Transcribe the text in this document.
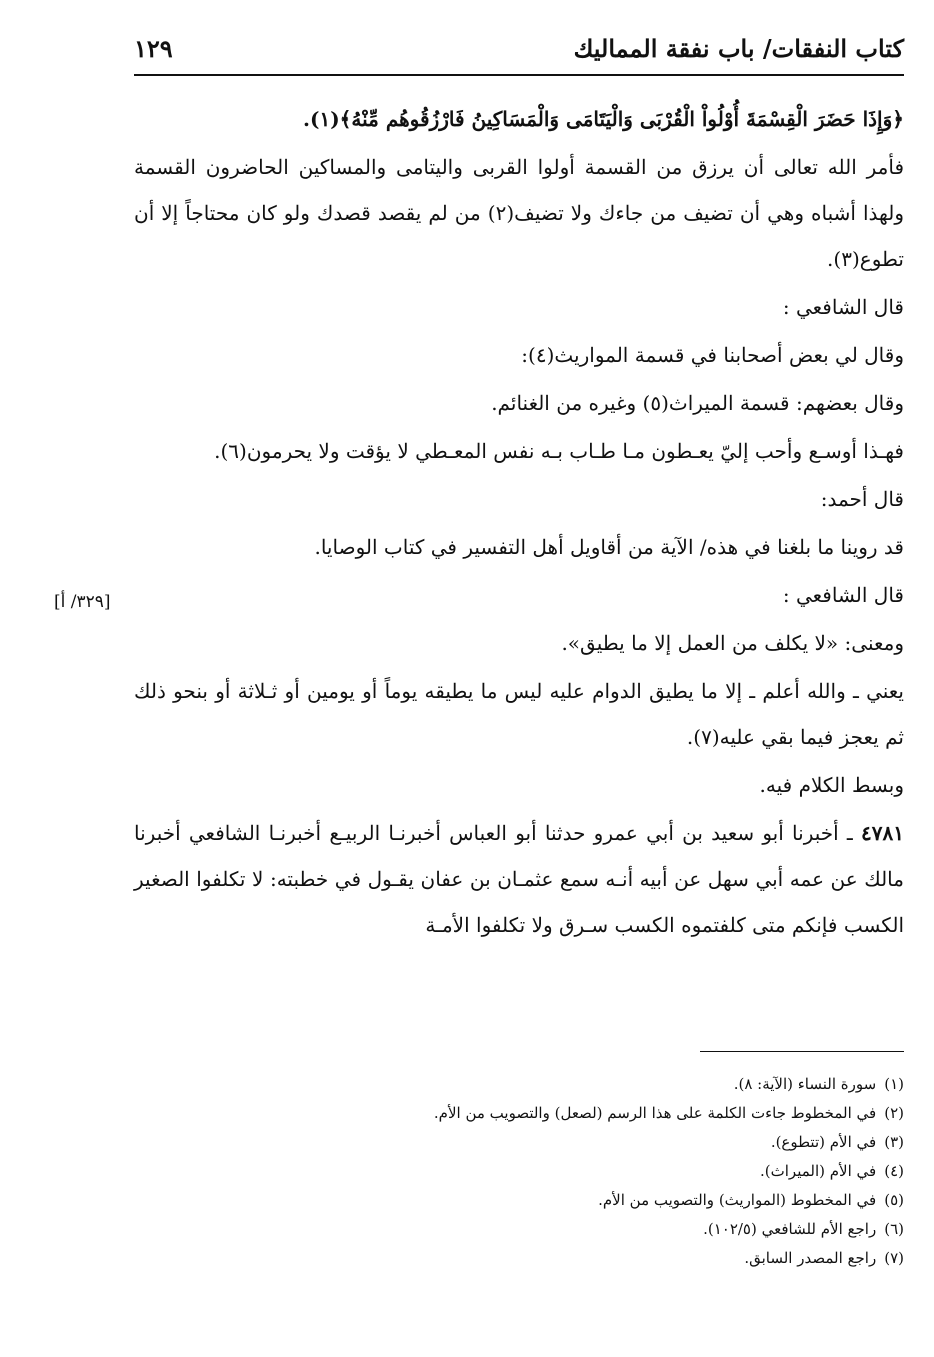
كتاب النفقات/ باب نفقة المماليك
١٢٩
[٣٢٩/ أ]

﴿وَإِذَا حَضَرَ الْقِسْمَةَ أُوْلُواْ الْقُرْبَى وَالْيَتَامَى وَالْمَسَاكِينُ فَارْزُقُوهُم مِّنْهُ﴾(١).

فأمر الله تعالى أن يرزق من القسمة أولوا القربى واليتامى والمساكين الحاضرون القسمة ولهذا أشباه وهي أن تضيف من جاءك ولا تضيف(٢) من لم يقصد قصدك ولو كان محتاجاً إلا أن تطوع(٣).

قال الشافعي :

وقال لي بعض أصحابنا في قسمة المواريث(٤):

وقال بعضهم: قسمة الميراث(٥) وغيره من الغنائم.

فهـذا أوسـع وأحب إليّ يعـطون مـا طـاب بـه نفس المعـطي لا يؤقت ولا يحرمون(٦).

قال أحمد:

قد روينا ما بلغنا في هذه/ الآية من أقاويل أهل التفسير في كتاب الوصايا.

قال الشافعي :

ومعنى: «لا يكلف من العمل إلا ما يطيق».

يعني ـ والله أعلم ـ إلا ما يطيق الدوام عليه ليس ما يطيقه يوماً أو يومين أو ثـلاثة أو بنحو ذلك ثم يعجز فيما بقي عليه(٧).

وبسط الكلام فيه.

٤٧٨١ ـ أخبرنا أبو سعيد بن أبي عمرو حدثنا أبو العباس أخبرنـا الربيـع أخبرنـا الشافعي أخبرنا مالك عن عمه أبي سهل عن أبيه أنـه سمع عثمـان بن عفان يقـول في خطبته: لا تكلفوا الصغير الكسب فإنكم متى كلفتموه الكسب سـرق ولا تكلفوا الأمـة

(١)سورة النساء (الآية: ٨).
(٢)في المخطوط جاءت الكلمة على هذا الرسم (لصعل) والتصويب من الأم.
(٣)في الأم (تتطوع).
(٤)في الأم (الميراث).
(٥)في المخطوط (المواريث) والتصويب من الأم.
(٦)راجع الأم للشافعي (١٠٢/٥).
(٧)راجع المصدر السابق.
